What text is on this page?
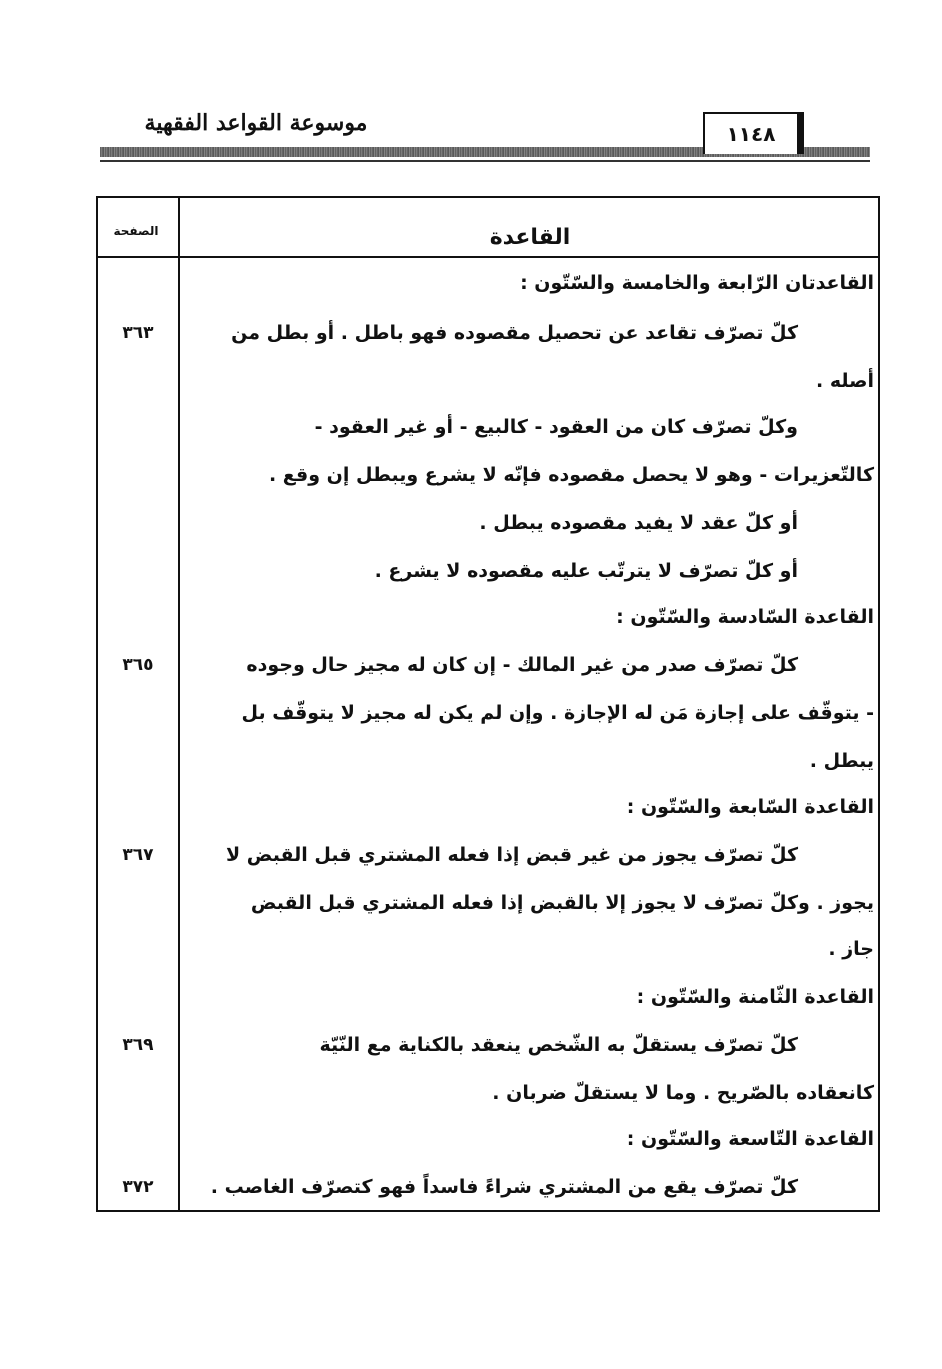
موسوعة القواعد الفقهية	١١٤٨
القاعدة
الصفحة
القاعدتان الرّابعة والخامسة والسّتّون :
كلّ تصرّف تقاعد عن تحصيل مقصوده فهو باطل . أو بطل من
أصله .
وكلّ تصرّف كان من العقود - كالبيع - أو غير العقود -
كالتّعزيرات - وهو لا يحصل مقصوده فإنّه لا يشرع ويبطل إن وقع .
أو كلّ عقد لا يفيد مقصوده يبطل .
أو كلّ تصرّف لا يترتّب عليه مقصوده لا يشرع .
القاعدة السّادسة والسّتّون :
كلّ تصرّف صدر من غير المالك - إن كان له مجيز حال وجوده
- يتوقّف على إجازة مَن له الإجازة . وإن لم يكن له مجيز لا يتوقّف بل
يبطل .
القاعدة السّابعة والسّتّون :
كلّ تصرّف يجوز من غير قبض إذا فعله المشتري قبل القبض لا
يجوز . وكلّ تصرّف لا يجوز إلا بالقبض إذا فعله المشتري قبل القبض
جاز .
القاعدة الثّامنة والسّتّون :
كلّ تصرّف يستقلّ به الشّخص ينعقد بالكناية مع النّيّة
كانعقاده بالصّريح . وما لا يستقلّ ضربان .
القاعدة التّاسعة والسّتّون :
كلّ تصرّف يقع من المشتري شراءً فاسداً فهو كتصرّف الغاصب .
٣٦٣
٣٦٥
٣٦٧
٣٦٩
٣٧٢
